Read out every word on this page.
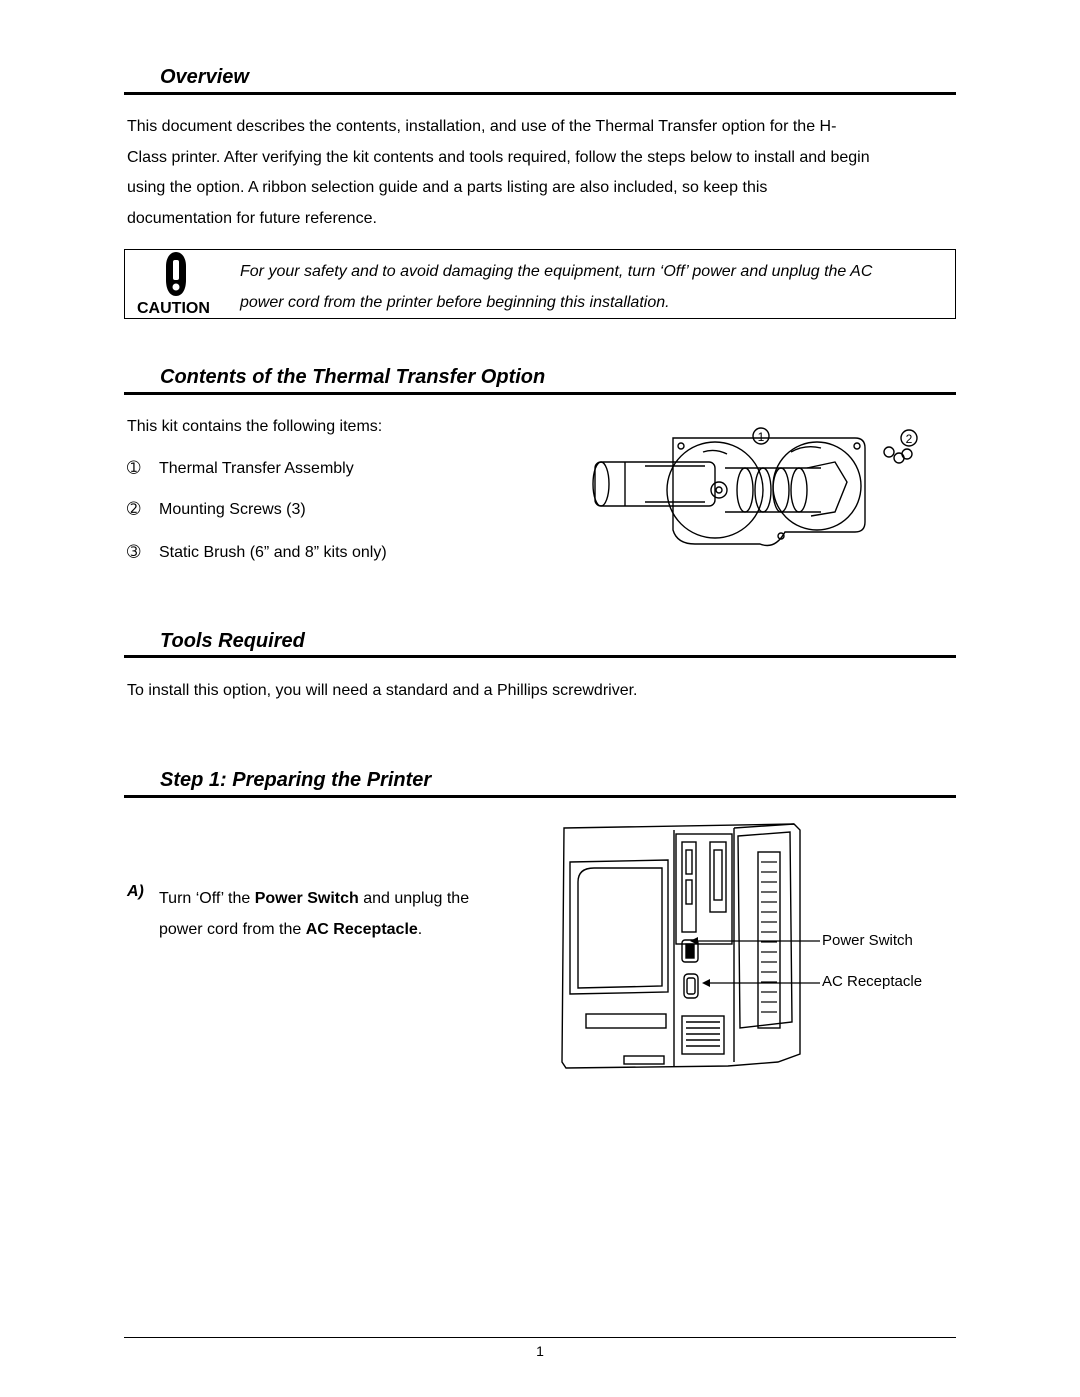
Overview
This document describes the contents, installation, and use of the Thermal Transfer option for the H-
Class printer. After verifying the kit contents and tools required, follow the steps below to install and begin
using the option. A ribbon selection guide and a parts listing are also included, so keep this
documentation for future reference.
CAUTION
For your safety and to avoid damaging the equipment, turn ‘Off’ power and unplug the AC
power cord from the printer before beginning this installation.
Contents of the Thermal Transfer Option
This kit contains the following items:
➀ Thermal Transfer Assembly
➁ Mounting Screws (3)
➂ Static Brush (6” and 8” kits only)
1	2
Tools Required
To install this option, you will need a standard and a Phillips screwdriver.
Step 1: Preparing the Printer
A) Turn ‘Off’ the Power Switch and unplug the
power cord from the AC Receptacle.
Power Switch
AC Receptacle
1
